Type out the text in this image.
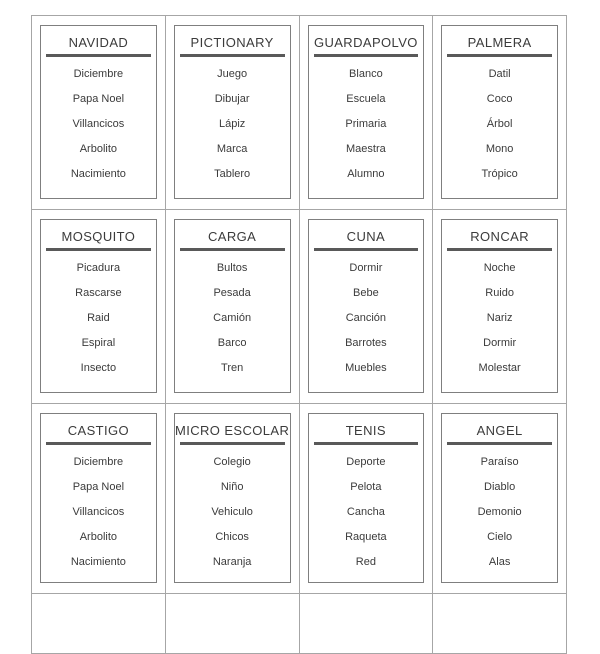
NAVIDAD
Diciembre
Papa Noel
Villancicos
Arbolito
Nacimiento
PICTIONARY
Juego
Dibujar
Lápiz
Marca
Tablero
GUARDAPOLVO
Blanco
Escuela
Primaria
Maestra
Alumno
PALMERA
Datil
Coco
Árbol
Mono
Trópico
MOSQUITO
Picadura
Rascarse
Raid
Espiral
Insecto
CARGA
Bultos
Pesada
Camión
Barco
Tren
CUNA
Dormir
Bebe
Canción
Barrotes
Muebles
RONCAR
Noche
Ruido
Nariz
Dormir
Molestar
CASTIGO
Diciembre
Papa Noel
Villancicos
Arbolito
Nacimiento
MICRO ESCOLAR
Colegio
Niño
Vehiculo
Chicos
Naranja
TENIS
Deporte
Pelota
Cancha
Raqueta
Red
ANGEL
Paraíso
Diablo
Demonio
Cielo
Alas
